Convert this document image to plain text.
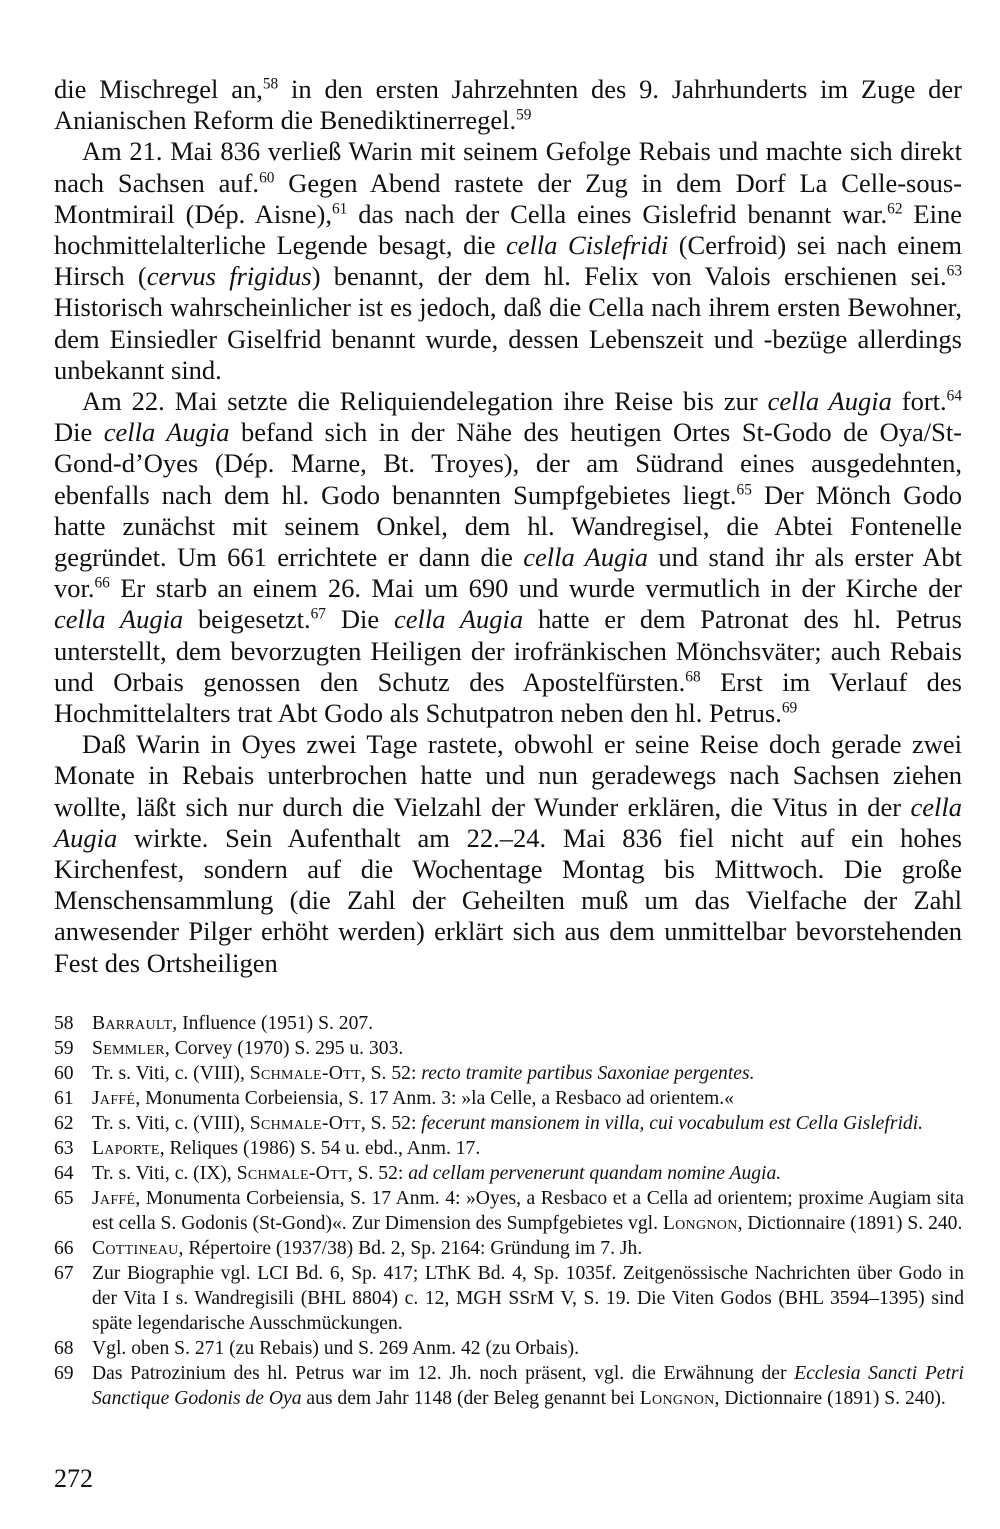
die Mischregel an,$^{58}$ in den ersten Jahrzehnten des 9. Jahrhunderts im Zuge der Anianischen Reform die Benediktinerregel.$^{59}$

Am 21. Mai 836 verließ Warin mit seinem Gefolge Rebais und machte sich direkt nach Sachsen auf.$^{60}$ Gegen Abend rastete der Zug in dem Dorf La Celle-sous-Montmirail (Dép. Aisne),$^{61}$ das nach der Cella eines Gislefrid benannt war.$^{62}$ Eine hochmittelalterliche Legende besagt, die cella Cislefridi (Cerfroid) sei nach einem Hirsch (cervus frigidus) benannt, der dem hl. Felix von Valois erschienen sei.$^{63}$ Historisch wahrscheinlicher ist es jedoch, daß die Cella nach ihrem ersten Bewohner, dem Einsiedler Giselfrid benannt wurde, dessen Lebenszeit und -bezüge allerdings unbekannt sind.

Am 22. Mai setzte die Reliquiendelegation ihre Reise bis zur cella Augia fort.$^{64}$ Die cella Augia befand sich in der Nähe des heutigen Ortes St-Godo de Oya/St-Gond-d’Oyes (Dép. Marne, Bt. Troyes), der am Südrand eines ausgedehnten, ebenfalls nach dem hl. Godo benannten Sumpfgebietes liegt.$^{65}$ Der Mönch Godo hatte zunächst mit seinem Onkel, dem hl. Wandregisel, die Abtei Fontenelle gegründet. Um 661 errichtete er dann die cella Augia und stand ihr als erster Abt vor.$^{66}$ Er starb an einem 26. Mai um 690 und wurde vermutlich in der Kirche der cella Augia beigesetzt.$^{67}$ Die cella Augia hatte er dem Patronat des hl. Petrus unterstellt, dem bevorzugten Heiligen der irofränkischen Mönchsväter; auch Rebais und Orbais genossen den Schutz des Apostelfürsten.$^{68}$ Erst im Verlauf des Hochmittelalters trat Abt Godo als Schutpatron neben den hl. Petrus.$^{69}$

Daß Warin in Oyes zwei Tage rastete, obwohl er seine Reise doch gerade zwei Monate in Rebais unterbrochen hatte und nun geradewegs nach Sachsen ziehen wollte, läßt sich nur durch die Vielzahl der Wunder erklären, die Vitus in der cella Augia wirkte. Sein Aufenthalt am 22.–24. Mai 836 fiel nicht auf ein hohes Kirchenfest, sondern auf die Wochentage Montag bis Mittwoch. Die große Menschensammlung (die Zahl der Geheilten muß um das Vielfache der Zahl anwesender Pilger erhöht werden) erklärt sich aus dem unmittelbar bevorstehenden Fest des Ortsheiligen

58 Barrault, Influence (1951) S. 207.
59 Semmler, Corvey (1970) S. 295 u. 303.
60 Tr. s. Viti, c. (VIII), Schmale-Ott, S. 52: recto tramite partibus Saxoniae pergentes.
61 Jaffé, Monumenta Corbeiensia, S. 17 Anm. 3: »la Celle, a Resbaco ad orientem.«
62 Tr. s. Viti, c. (VIII), Schmale-Ott, S. 52: fecerunt mansionem in villa, cui vocabulum est Cella Gislefridi.
63 Laporte, Reliques (1986) S. 54 u. ebd., Anm. 17.
64 Tr. s. Viti, c. (IX), Schmale-Ott, S. 52: ad cellam pervenerunt quandam nomine Augia.
65 Jaffé, Monumenta Corbeiensia, S. 17 Anm. 4: »Oyes, a Resbaco et a Cella ad orientem; proxime Augiam sita est cella S. Godonis (St-Gond)«. Zur Dimension des Sumpfgebietes vgl. Longnon, Dictionnaire (1891) S. 240.
66 Cottineau, Répertoire (1937/38) Bd. 2, Sp. 2164: Gründung im 7. Jh.
67 Zur Biographie vgl. LCI Bd. 6, Sp. 417; LThK Bd. 4, Sp. 1035f. Zeitgenössische Nachrichten über Godo in der Vita I s. Wandregisili (BHL 8804) c. 12, MGH SSrM V, S. 19. Die Viten Godos (BHL 3594–1395) sind späte legendarische Ausschmückungen.
68 Vgl. oben S. 271 (zu Rebais) und S. 269 Anm. 42 (zu Orbais).
69 Das Patrozinium des hl. Petrus war im 12. Jh. noch präsent, vgl. die Erwähnung der Ecclesia Sancti Petri Sanctique Godonis de Oya aus dem Jahr 1148 (der Beleg genannt bei Longnon, Dictionnaire (1891) S. 240).
272
